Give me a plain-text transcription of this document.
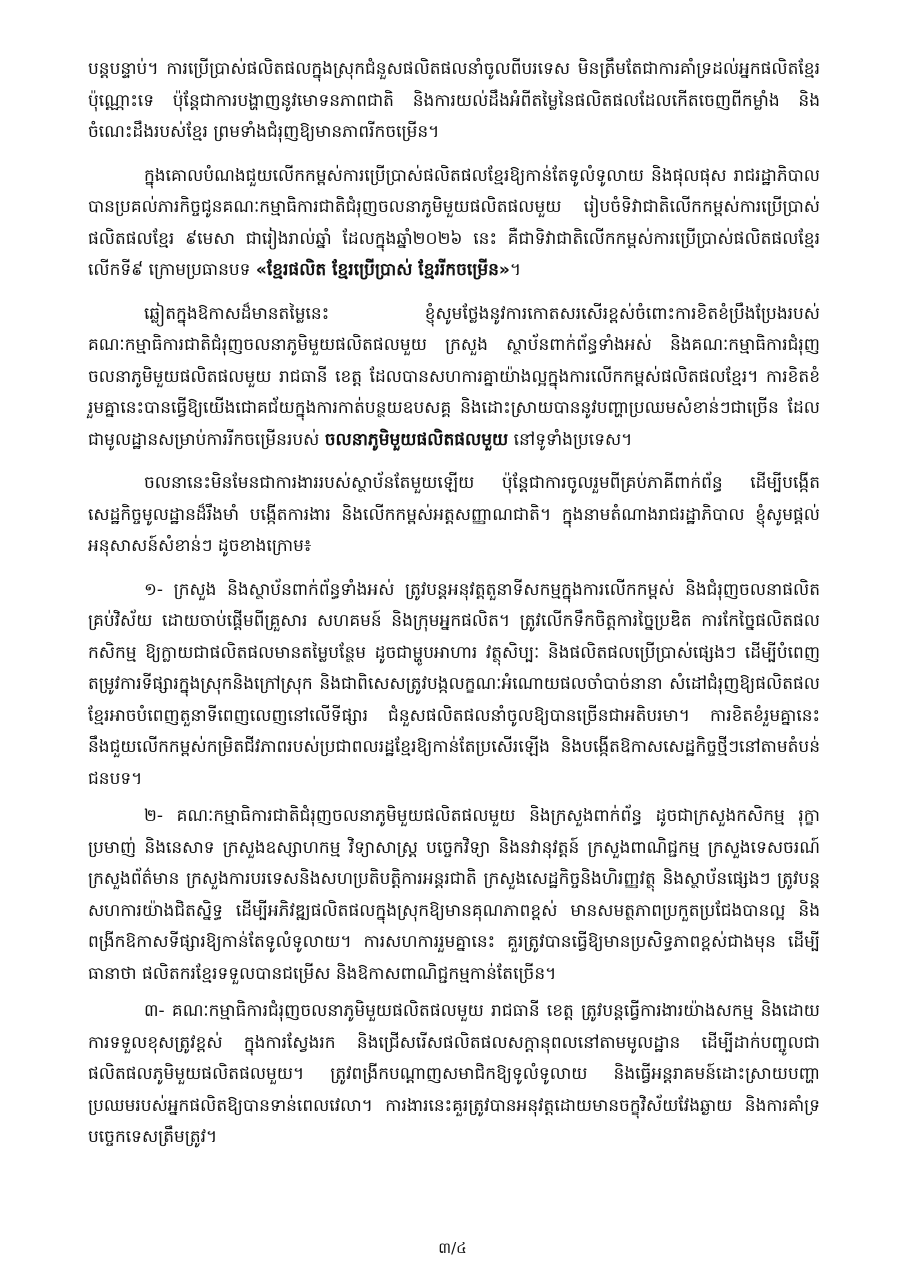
បន្តបន្ទាប់។ ការប្រើប្រាស់ផលិតផលក្នុងស្រុកជំនួសផលិតផលនាំចូលពីបរទេស មិនត្រឹមតែជាការគាំទ្រដល់អ្នកផលិតខ្មែរប៉ុណ្ណោះទេ ប៉ុន្តែជាការបង្ហាញនូវមោទនភាពជាតិ និងការយល់ដឹងអំពីតម្លៃនៃផលិតផលដែលកើតចេញពីកម្លាំង និងចំណេះដឹងរបស់ខ្មែរ ព្រមទាំងជំរុញឱ្យមានភាពរីកចម្រើន។

ក្នុងគោលបំណងជួយលើកកម្ពស់ការប្រើប្រាស់ផលិតផលខ្មែរឱ្យកាន់តែទូលំទូលាយ និងផុលផុស រាជរដ្ឋាភិបាលបានប្រគល់ភារកិច្ចជូនគណៈកម្មាធិការជាតិជំរុញចលនាភូមិមួយផលិតផលមួយ រៀបចំទិវាជាតិលើកកម្ពស់ការប្រើប្រាស់ផលិតផលខ្មែរ ៩មេសា ជារៀងរាល់ឆ្នាំ ដែលក្នុងឆ្នាំ២០២៦ នេះ គឺជាទិវាជាតិលើកកម្ពស់ការប្រើប្រាស់ផលិតផលខ្មែរ លើកទី៩ ក្រោមប្រធានបទ «ខ្មែរផលិត ខ្មែរប្រើប្រាស់ ខ្មែររីកចម្រើន»។

ឆ្លៀតក្នុងឱកាសដ៏មានតម្លៃនេះ ខ្ញុំសូមថ្លែងនូវការកោតសរសើរខ្ពស់ចំពោះការខិតខំប្រឹងប្រែងរបស់គណៈកម្មាធិការជាតិជំរុញចលនាភូមិមួយផលិតផលមួយ ក្រសួង ស្ថាប័នពាក់ព័ន្ធទាំងអស់ និងគណៈកម្មាធិការជំរុញចលនាភូមិមួយផលិតផលមួយ រាជធានី ខេត្ត ដែលបានសហការគ្នាយ៉ាងល្អក្នុងការលើកកម្ពស់ផលិតផលខ្មែរ។ ការខិតខំរួមគ្នានេះបានធ្វើឱ្យយើងជោគជ័យក្នុងការកាត់បន្ថយឧបសគ្គ និងដោះស្រាយបាននូវបញ្ហាប្រឈមសំខាន់ៗជាច្រើន ដែលជាមូលដ្ឋានសម្រាប់ការរីកចម្រើនរបស់ ចលនាភូមិមួយផលិតផលមួយ នៅទូទាំងប្រទេស។

ចលនានេះមិនមែនជាការងាររបស់ស្ថាប័នតែមួយឡើយ ប៉ុន្តែជាការចូលរួមពីគ្រប់ភាគីពាក់ព័ន្ធ ដើម្បីបង្កើតសេដ្ឋកិច្ចមូលដ្ឋានដ៏រឹងមាំ បង្កើតការងារ និងលើកកម្ពស់អត្តសញ្ញាណជាតិ។ ក្នុងនាមតំណាងរាជរដ្ឋាភិបាល ខ្ញុំសូមផ្តល់អនុសាសន៍សំខាន់ៗ ដូចខាងក្រោម៖

១- ក្រសួង និងស្ថាប័នពាក់ព័ន្ធទាំងអស់ ត្រូវបន្តអនុវត្តតួនាទីសកម្មក្នុងការលើកកម្ពស់ និងជំរុញចលនាផលិតគ្រប់វិស័យ ដោយចាប់ផ្តើមពីគ្រួសារ សហគមន៍ និងក្រុមអ្នកផលិត។ ត្រូវលើកទឹកចិត្តការច្នៃប្រឌិត ការកែច្នៃផលិតផលកសិកម្ម ឱ្យក្លាយជាផលិតផលមានតម្លៃបន្ថែម ដូចជាម្ហូបអាហារ វត្ថុសិប្បៈ និងផលិតផលប្រើប្រាស់ផ្សេងៗ ដើម្បីបំពេញតម្រូវការទីផ្សារក្នុងស្រុកនិងក្រៅស្រុក និងជាពិសេសត្រូវបង្កលក្ខណៈអំណោយផលចាំបាច់នានា សំដៅជំរុញឱ្យផលិតផលខ្មែរអាចបំពេញតួនាទីពេញលេញនៅលើទីផ្សារ ជំនួសផលិតផលនាំចូលឱ្យបានច្រើនជាអតិបរមា។ ការខិតខំរួមគ្នានេះ នឹងជួយលើកកម្ពស់កម្រិតជីវភាពរបស់ប្រជាពលរដ្ឋខ្មែរឱ្យកាន់តែប្រសើរឡើង និងបង្កើតឱកាសសេដ្ឋកិច្ចថ្មីៗនៅតាមតំបន់ជនបទ។

២- គណៈកម្មាធិការជាតិជំរុញចលនាភូមិមួយផលិតផលមួយ និងក្រសួងពាក់ព័ន្ធ ដូចជាក្រសួងកសិកម្ម រុក្ខាប្រមាញ់ និងនេសាទ ក្រសួងឧស្សាហកម្ម វិទ្យាសាស្ត្រ បច្ចេកវិទ្យា និងនវានុវត្តន៍ ក្រសួងពាណិជ្ជកម្ម ក្រសួងទេសចរណ៍ ក្រសួងព័ត៌មាន ក្រសួងការបរទេសនិងសហប្រតិបត្តិការអន្តរជាតិ ក្រសួងសេដ្ឋកិច្ចនិងហិរញ្ញវត្ថុ និងស្ថាប័នផ្សេងៗ ត្រូវបន្តសហការយ៉ាងជិតស្និទ្ធ ដើម្បីអភិវឌ្ឍផលិតផលក្នុងស្រុកឱ្យមានគុណភាពខ្ពស់ មានសមត្ថភាពប្រកួតប្រជែងបានល្អ និងពង្រីកឱកាសទីផ្សារឱ្យកាន់តែទូលំទូលាយ។ ការសហការរួមគ្នានេះ គួរត្រូវបានធ្វើឱ្យមានប្រសិទ្ធភាពខ្ពស់ជាងមុន ដើម្បីធានាថា ផលិតករខ្មែរទទួលបានជម្រើស និងឱកាសពាណិជ្ជកម្មកាន់តែច្រើន។

៣- គណៈកម្មាធិការជំរុញចលនាភូមិមួយផលិតផលមួយ រាជធានី ខេត្ត ត្រូវបន្តធ្វើការងារយ៉ាងសកម្ម និងដោយការទទួលខុសត្រូវខ្ពស់ ក្នុងការស្វែងរក និងជ្រើសរើសផលិតផលសក្តានុពលនៅតាមមូលដ្ឋាន ដើម្បីដាក់បញ្ចូលជាផលិតផលភូមិមួយផលិតផលមួយ។ ត្រូវពង្រីកបណ្តាញសមាជិកឱ្យទូលំទូលាយ និងធ្វើអន្តរាគមន៍ដោះស្រាយបញ្ហាប្រឈមរបស់អ្នកផលិតឱ្យបានទាន់ពេលវេលា។ ការងារនេះគួរត្រូវបានអនុវត្តដោយមានចក្ខុវិស័យវែងឆ្ងាយ និងការគាំទ្របច្ចេកទេសត្រឹមត្រូវ។

៣/៤
